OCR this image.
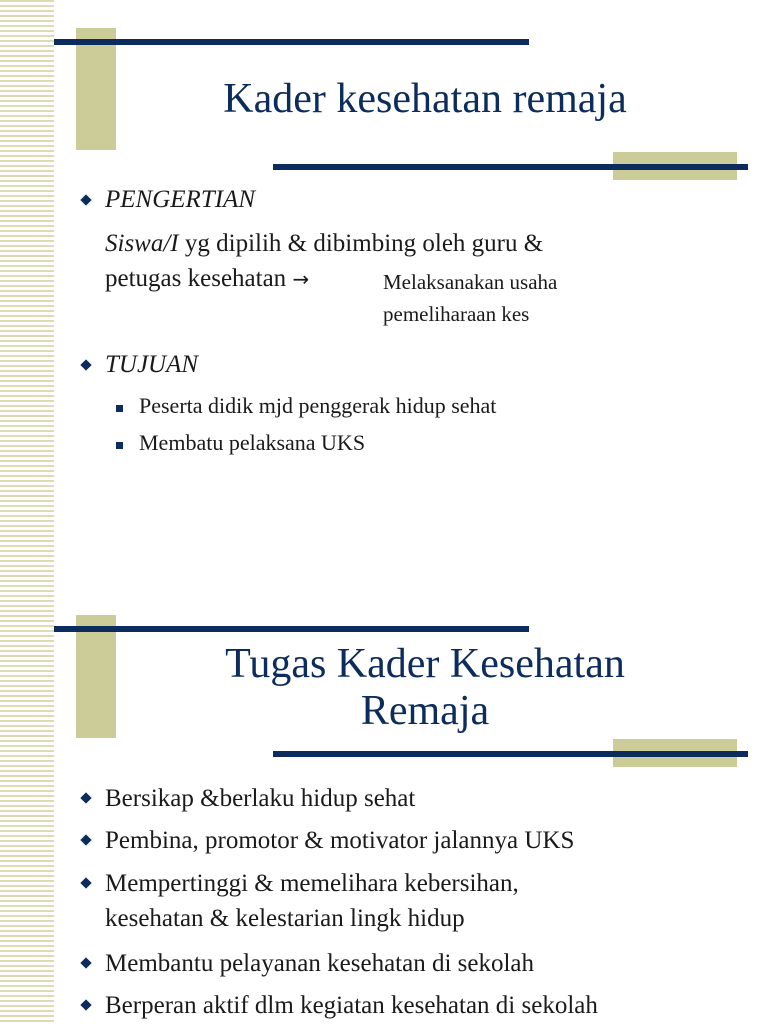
Kader kesehatan remaja
PENGERTIAN
Siswa/I yg dipilih & dibimbing oleh guru &
petugas kesehatan →	Melaksanakan usaha
pemeliharaan kes
TUJUAN
Peserta didik mjd penggerak hidup sehat
Membatu pelaksana UKS
Tugas Kader Kesehatan
Remaja
Bersikap &berlaku hidup sehat
Pembina, promotor & motivator jalannya UKS
Mempertinggi & memelihara kebersihan,
kesehatan & kelestarian lingk hidup
Membantu pelayanan kesehatan di sekolah
Berperan aktif dlm kegiatan kesehatan di sekolah
